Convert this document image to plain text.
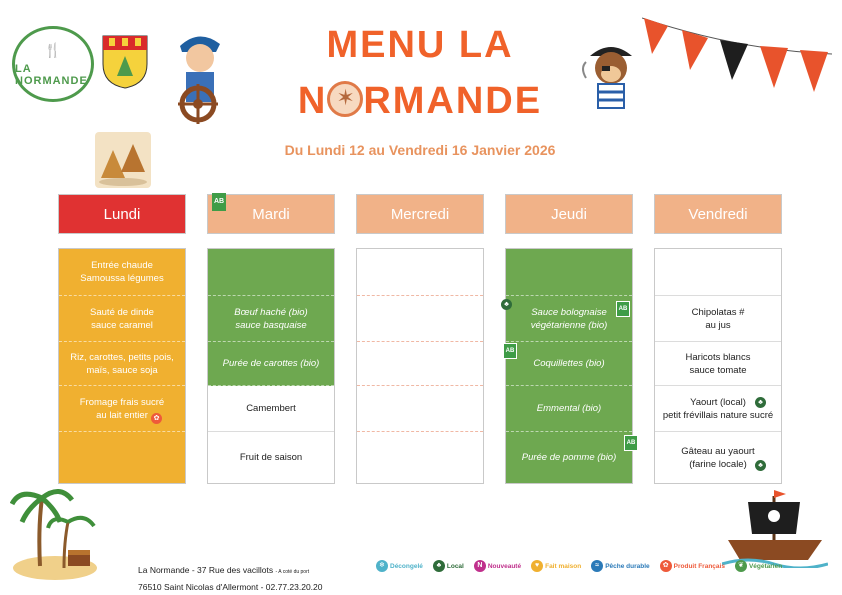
🍴
LA NORMANDE
MENU LA
N✶ RMANDE
Du Lundi 12 au Vendredi 16 Janvier 2026
Lundi
AB
Mardi	Mercredi	Jeudi	Vendredi
Entrée chaude
Samoussa légumes
Sauté de dinde
sauce caramel
Riz, carottes, petits pois,
maïs, sauce soja
Fromage frais sucré
au lait entier ✿
Bœuf haché (bio)
sauce basquaise
Purée de carottes (bio)
Camembert
Fruit de saison
Sauce bolognaise
végétarienne (bio)
Coquillettes (bio)
Emmental (bio)
Purée de pomme (bio)
♣
AB
AB
AB
Chipolatas #
au jus
Haricots blancs
sauce tomate
Yaourt (local)
petit frévillais nature sucré
Gâteau au yaourt
(farine locale)
♣
♣
La Normande - 37 Rue des vacillots - A coté du port
76510 Saint Nicolas d'Allermont - 02.77.23.20.20
❄ Décongelé	♣ Local	N Nouveauté	♥ Fait maison	≈ Pêche durable	✿ Produit Français	❦ Végétarien
